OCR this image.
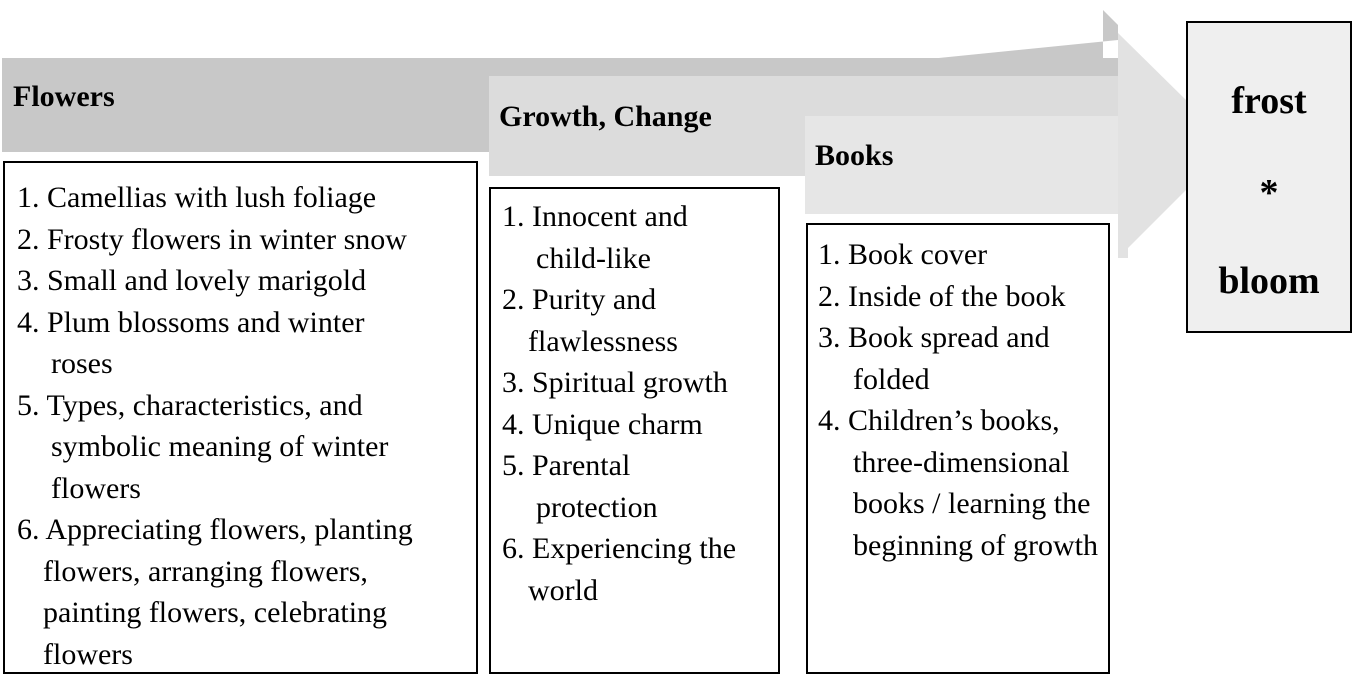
Flowers
Growth, Change
Books
1. Camellias with lush foliage
2. Frosty flowers in winter snow
3. Small and lovely marigold
4. Plum blossoms and winter roses
5. Types, characteristics, and symbolic meaning of winter flowers
6. Appreciating flowers, planting flowers, arranging flowers, painting flowers, celebrating flowers
1. Innocent and child-like
2. Purity and flawlessness
3. Spiritual growth
4. Unique charm
5. Parental protection
6. Experiencing the world
1. Book cover
2. Inside of the book
3. Book spread and folded
4. Children’s books, three-dimensional books / learning the beginning of growth
frost
*
bloom
